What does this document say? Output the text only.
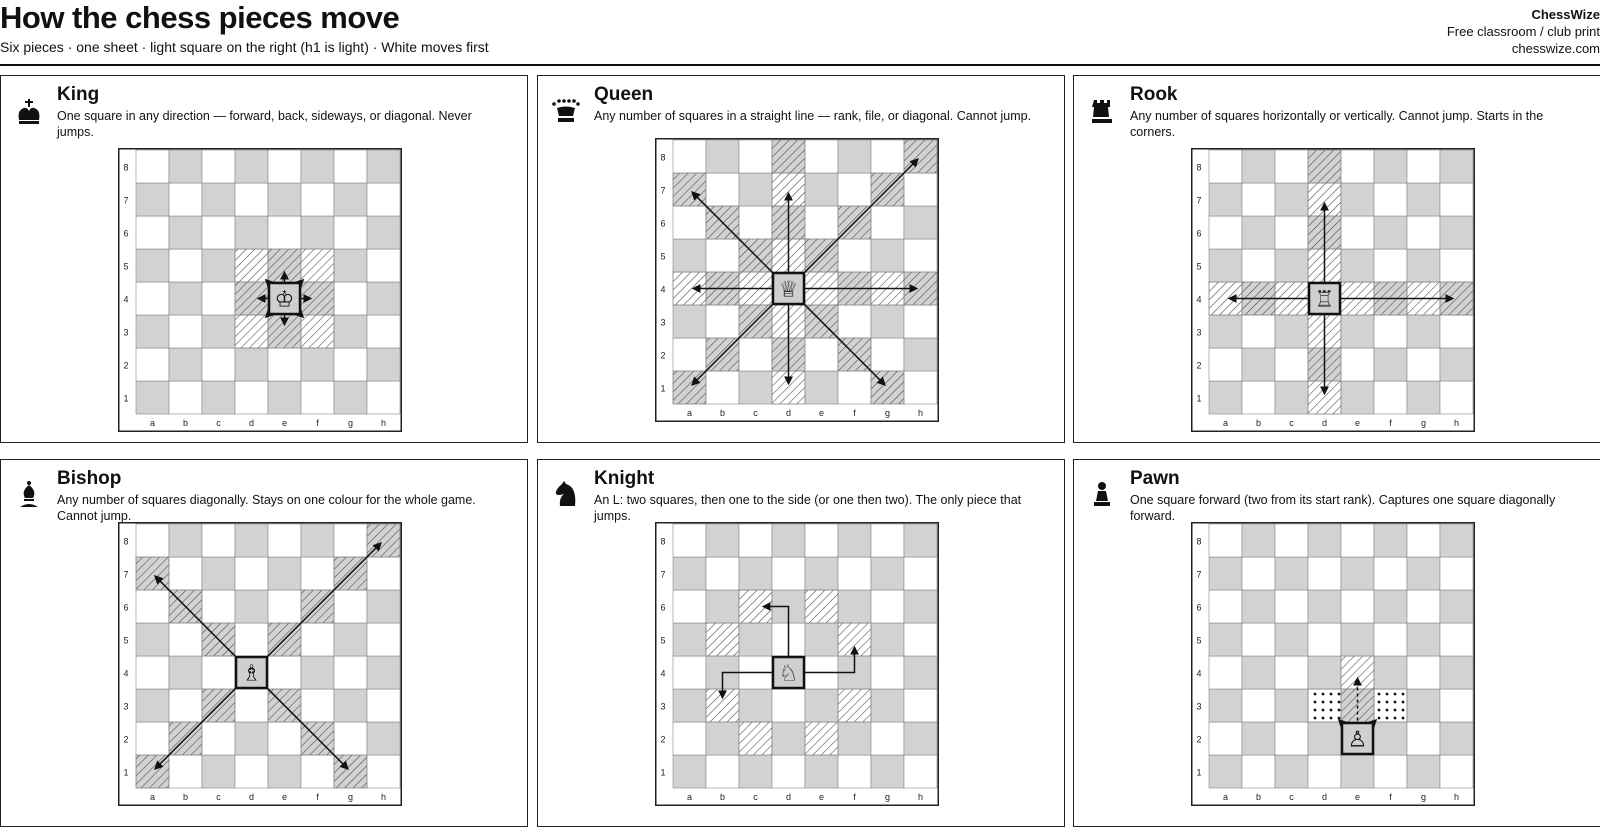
How the chess pieces move
Six pieces · one sheet · light square on the right (h1 is light) · White moves first
ChessWize
Free classroom / club print
chesswize.com
King
One square in any direction — forward, back, sideways, or diagonal. Never jumps.
8
7
6
5
4
3
2
1
a	b	c	d	e	f	g	h
♔
Queen
Any number of squares in a straight line — rank, file, or diagonal. Cannot jump.
8
7
6
5
4
3
2
1
a	b	c	d	e	f	g	h
♕
Rook
Any number of squares horizontally or vertically. Cannot jump. Starts in the corners.
8
7
6
5
4
3
2
1
a	b	c	d	e	f	g	h
♖
Bishop
Any number of squares diagonally. Stays on one colour for the whole game. Cannot jump.
8
7
6
5
4
3
2
1
a	b	c	d	e	f	g	h
♗
Knight
An L: two squares, then one to the side (or one then two). The only piece that jumps.
8
7
6
5
4
3
2
1
a	b	c	d	e	f	g	h
♘
Pawn
One square forward (two from its start rank). Captures one square diagonally forward.
8
7
6
5
4
3
2
1
a	b	c	d	e	f	g	h
♙
